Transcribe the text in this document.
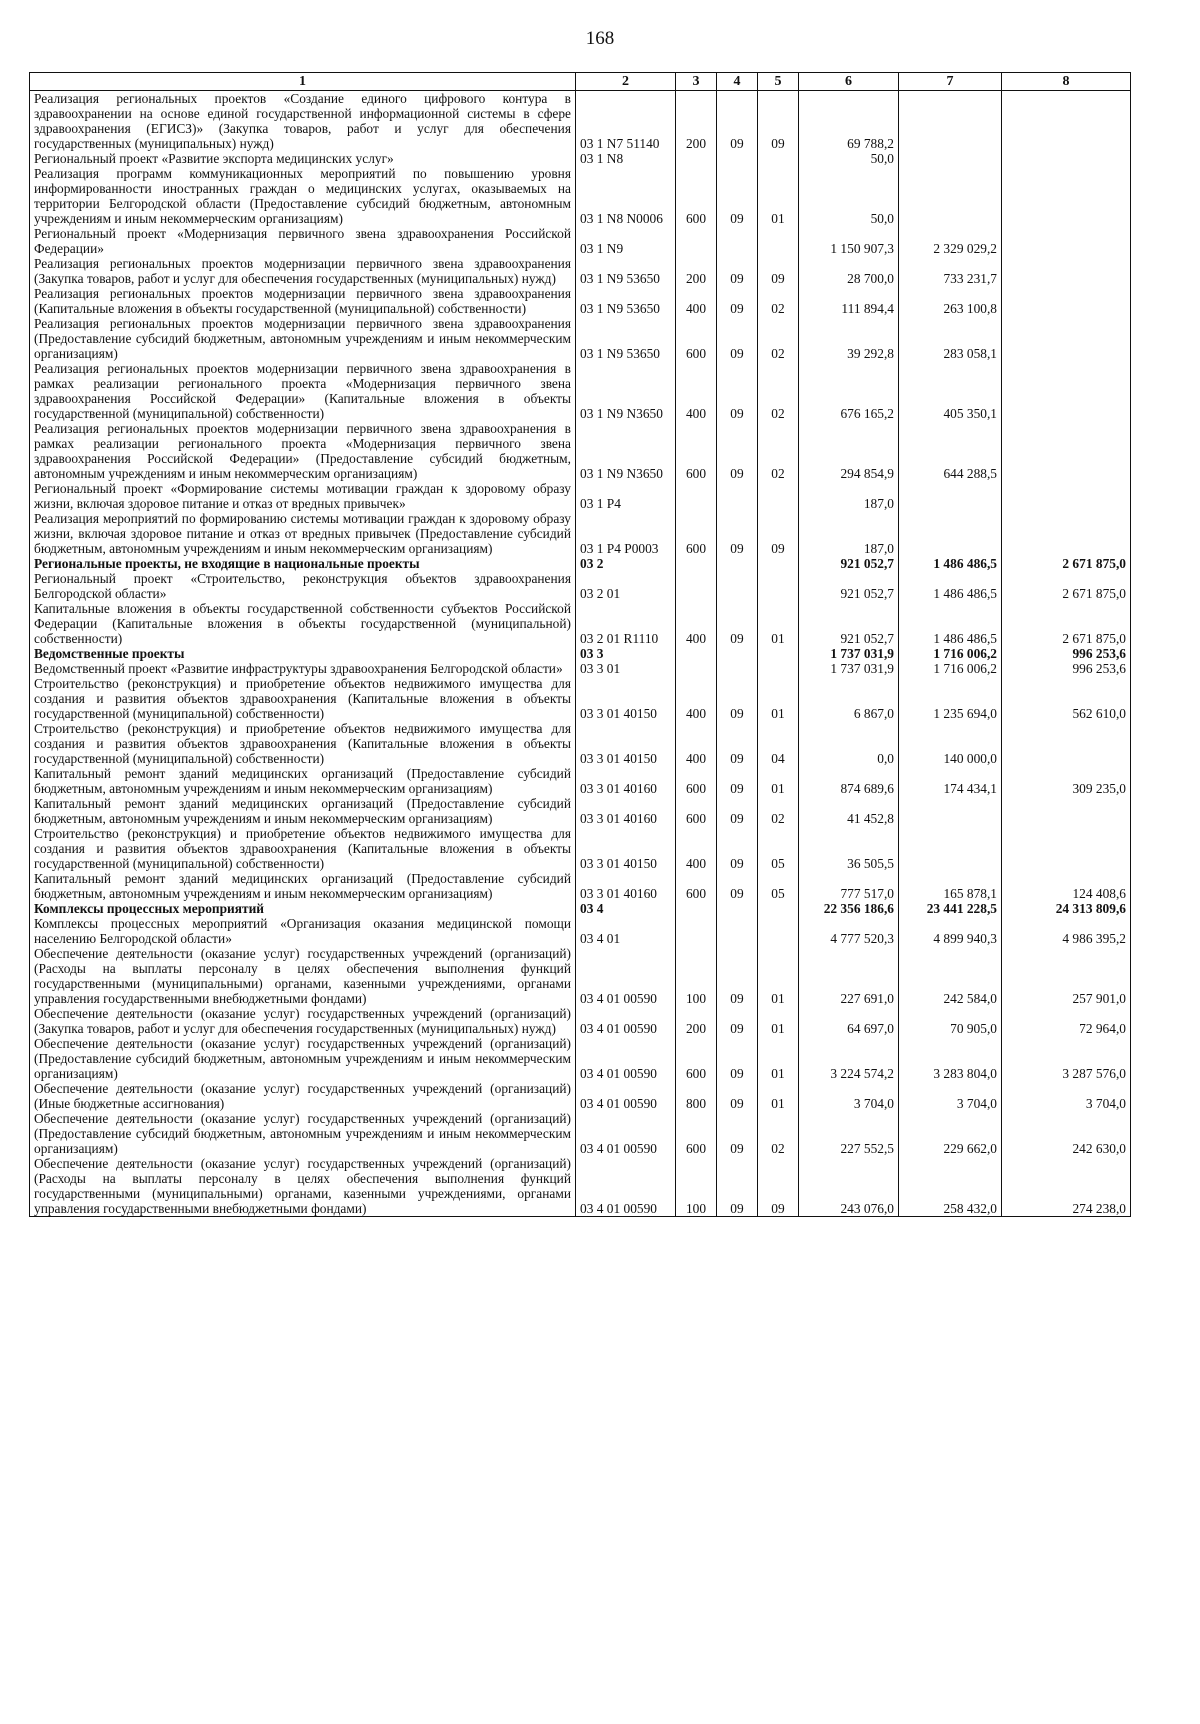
168
1	2	3	4	5	6	7	8
Реализация региональных проектов «Создание единого цифрового контура в здравоохранении на основе единой государственной информационной системы в сфере здравоохранения (ЕГИСЗ)» (Закупка товаров, работ и услуг для обеспечения государственных (муниципальных) нужд)	03 1 N7 51140	200	09	09	69 788,2		
Региональный проект «Развитие экспорта медицинских услуг»	03 1 N8				50,0		
Реализация программ коммуникационных мероприятий по повышению уровня информированности иностранных граждан о медицинских услугах, оказываемых на территории Белгородской области (Предоставление субсидий бюджетным, автономным учреждениям и иным некоммерческим организациям)	03 1 N8 N0006	600	09	01	50,0		
Региональный проект «Модернизация первичного звена здравоохранения Российской Федерации»	03 1 N9				1 150 907,3	2 329 029,2	
Реализация региональных проектов модернизации первичного звена здравоохранения (Закупка товаров, работ и услуг для обеспечения государственных (муниципальных) нужд)	03 1 N9 53650	200	09	09	28 700,0	733 231,7	
Реализация региональных проектов модернизации первичного звена здравоохранения (Капитальные вложения в объекты государственной (муниципальной) собственности)	03 1 N9 53650	400	09	02	111 894,4	263 100,8	
Реализация региональных проектов модернизации первичного звена здравоохранения (Предоставление субсидий бюджетным, автономным учреждениям и иным некоммерческим организациям)	03 1 N9 53650	600	09	02	39 292,8	283 058,1	
Реализация региональных проектов модернизации первичного звена здравоохранения в рамках реализации регионального проекта «Модернизация первичного звена здравоохранения Российской Федерации» (Капитальные вложения в объекты государственной (муниципальной) собственности)	03 1 N9 N3650	400	09	02	676 165,2	405 350,1	
Реализация региональных проектов модернизации первичного звена здравоохранения в рамках реализации регионального проекта «Модернизация первичного звена здравоохранения Российской Федерации» (Предоставление субсидий бюджетным, автономным учреждениям и иным некоммерческим организациям)	03 1 N9 N3650	600	09	02	294 854,9	644 288,5	
Региональный проект «Формирование системы мотивации граждан к здоровому образу жизни, включая здоровое питание и отказ от вредных привычек»	03 1 P4				187,0		
Реализация мероприятий по формированию системы мотивации граждан к здоровому образу жизни, включая здоровое питание и отказ от вредных привычек (Предоставление субсидий бюджетным, автономным учреждениям и иным некоммерческим организациям)	03 1 P4 P0003	600	09	09	187,0		
Региональные проекты, не входящие в национальные проекты	03 2				921 052,7	1 486 486,5	2 671 875,0
Региональный проект «Строительство, реконструкция объектов здравоохранения Белгородской области»	03 2 01				921 052,7	1 486 486,5	2 671 875,0
Капитальные вложения в объекты государственной собственности субъектов Российской Федерации (Капитальные вложения в объекты государственной (муниципальной) собственности)	03 2 01 R1110	400	09	01	921 052,7	1 486 486,5	2 671 875,0
Ведомственные проекты	03 3				1 737 031,9	1 716 006,2	996 253,6
Ведомственный проект «Развитие инфраструктуры здравоохранения Белгородской области»	03 3 01				1 737 031,9	1 716 006,2	996 253,6
Строительство (реконструкция) и приобретение объектов недвижимого имущества для создания и развития объектов здравоохранения (Капитальные вложения в объекты государственной (муниципальной) собственности)	03 3 01 40150	400	09	01	6 867,0	1 235 694,0	562 610,0
Строительство (реконструкция) и приобретение объектов недвижимого имущества для создания и развития объектов здравоохранения (Капитальные вложения в объекты государственной (муниципальной) собственности)	03 3 01 40150	400	09	04	0,0	140 000,0	
Капитальный ремонт зданий медицинских организаций (Предоставление субсидий бюджетным, автономным учреждениям и иным некоммерческим организациям)	03 3 01 40160	600	09	01	874 689,6	174 434,1	309 235,0
Капитальный ремонт зданий медицинских организаций (Предоставление субсидий бюджетным, автономным учреждениям и иным некоммерческим организациям)	03 3 01 40160	600	09	02	41 452,8		
Строительство (реконструкция) и приобретение объектов недвижимого имущества для создания и развития объектов здравоохранения (Капитальные вложения в объекты государственной (муниципальной) собственности)	03 3 01 40150	400	09	05	36 505,5		
Капитальный ремонт зданий медицинских организаций (Предоставление субсидий бюджетным, автономным учреждениям и иным некоммерческим организациям)	03 3 01 40160	600	09	05	777 517,0	165 878,1	124 408,6
Комплексы процессных мероприятий	03 4				22 356 186,6	23 441 228,5	24 313 809,6
Комплексы процессных мероприятий «Организация оказания медицинской помощи населению Белгородской области»	03 4 01				4 777 520,3	4 899 940,3	4 986 395,2
Обеспечение деятельности (оказание услуг) государственных учреждений (организаций) (Расходы на выплаты персоналу в целях обеспечения выполнения функций государственными (муниципальными) органами, казенными учреждениями, органами управления государственными внебюджетными фондами)	03 4 01 00590	100	09	01	227 691,0	242 584,0	257 901,0
Обеспечение деятельности (оказание услуг) государственных учреждений (организаций) (Закупка товаров, работ и услуг для обеспечения государственных (муниципальных) нужд)	03 4 01 00590	200	09	01	64 697,0	70 905,0	72 964,0
Обеспечение деятельности (оказание услуг) государственных учреждений (организаций) (Предоставление субсидий бюджетным, автономным учреждениям и иным некоммерческим организациям)	03 4 01 00590	600	09	01	3 224 574,2	3 283 804,0	3 287 576,0
Обеспечение деятельности (оказание услуг) государственных учреждений (организаций) (Иные бюджетные ассигнования)	03 4 01 00590	800	09	01	3 704,0	3 704,0	3 704,0
Обеспечение деятельности (оказание услуг) государственных учреждений (организаций) (Предоставление субсидий бюджетным, автономным учреждениям и иным некоммерческим организациям)	03 4 01 00590	600	09	02	227 552,5	229 662,0	242 630,0
Обеспечение деятельности (оказание услуг) государственных учреждений (организаций) (Расходы на выплаты персоналу в целях обеспечения выполнения функций государственными (муниципальными) органами, казенными учреждениями, органами управления государственными внебюджетными фондами)	03 4 01 00590	100	09	09	243 076,0	258 432,0	274 238,0
